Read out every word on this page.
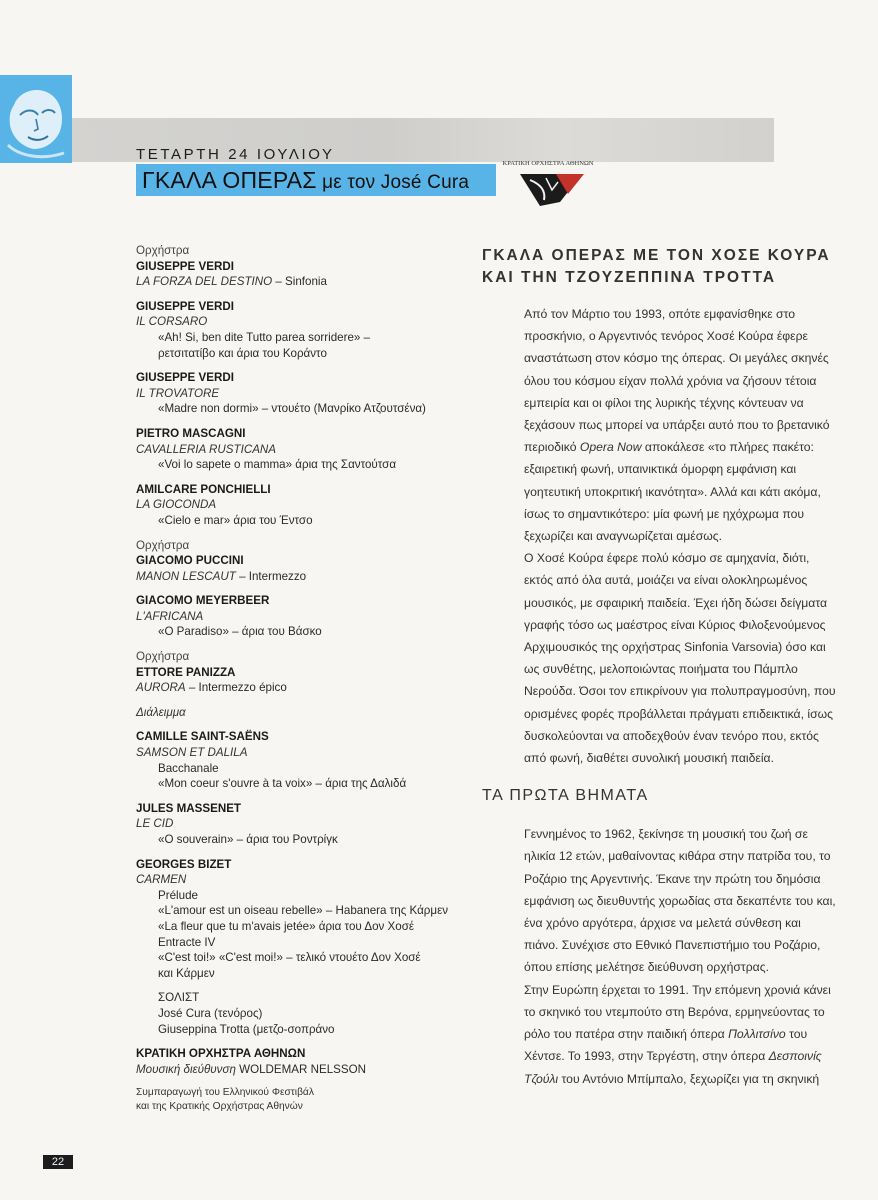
ΤΕΤΑΡΤΗ 24 ΙΟΥΛΙΟΥ
ΓΚΑΛΑ ΟΠΕΡΑΣ με τον José Cura
ΚΡΑΤΙΚΗ ΟΡΧΗΣΤΡΑ ΑΘΗΝΩΝ
Ορχήστρα
GIUSEPPE VERDI
LA FORZA DEL DESTINO – Sinfonia
GIUSEPPE VERDI
IL CORSARO
«Ah! Si, ben dite Tutto parea sorridere» –
ρετσιτατίβο και άρια του Κοράντο
GIUSEPPE VERDI
IL TROVATORE
«Madre non dormi» – ντουέτο (Μανρίκο Ατζουτσένα)
PIETRO MASCAGNI
CAVALLERIA RUSTICANA
«Voi lo sapete o mamma» άρια της Σαντούτσα
AMILCARE PONCHIELLI
LA GIOCONDA
«Cielo e mar» άρια του Έντσο
Ορχήστρα
GIACOMO PUCCINI
MANON LESCAUT – Intermezzo
GIACOMO MEYERBEER
L'AFRICANA
«O Paradiso» – άρια του Βάσκο
Ορχήστρα
ETTORE PANIZZA
AURORA – Intermezzo épico
Διάλειμμα
CAMILLE SAINT-SAËNS
SAMSON ET DALILA
Bacchanale
«Mon coeur s'ouvre à ta voix» – άρια της Δαλιδά
JULES MASSENET
LE CID
«O souverain» – άρια του Ροντρίγκ
GEORGES BIZET
CARMEN
Prélude
«L'amour est un oiseau rebelle» – Habanera της Κάρμεν
«La fleur que tu m'avais jetée» άρια του Δον Χοσέ
Entracte IV
«C'est toi!» «C'est moi!» – τελικό ντουέτο Δον Χοσέ
και Κάρμεν
ΣΟΛΙΣΤ
José Cura (τενόρος)
Giuseppina Trotta (μετζο-σοπράνο
ΚΡΑΤΙΚΗ ΟΡΧΗΣΤΡΑ ΑΘΗΝΩΝ
Μουσική διεύθυνση WOLDEMAR NELSSON
Συμπαραγωγή του Ελληνικού Φεστιβάλ
και της Κρατικής Ορχήστρας Αθηνών
ΓΚΑΛΑ ΟΠΕΡΑΣ ΜΕ ΤΟΝ ΧΟΣΕ ΚΟΥΡΑ
ΚΑΙ ΤΗΝ ΤΖΟΥΖΕΠΠΙΝΑ ΤΡΟΤΤΑ
Από τον Μάρτιο του 1993, οπότε εμφανίσθηκε στο προσκήνιο, ο Αργεντινός τενόρος Χοσέ Κούρα έφερε αναστάτωση στον κόσμο της όπερας. Οι μεγάλες σκηνές όλου του κόσμου είχαν πολλά χρόνια να ζήσουν τέτοια εμπειρία και οι φίλοι της λυρικής τέχνης κόντευαν να ξεχάσουν πως μπορεί να υπάρξει αυτό που το βρετανικό περιοδικό Opera Now αποκάλεσε «το πλήρες πακέτο: εξαιρετική φωνή, υπαινικτικά όμορφη εμφάνιση και γοητευτική υποκριτική ικανότητα». Αλλά και κάτι ακόμα, ίσως το σημαντικότερο: μία φωνή με ηχόχρωμα που ξεχωρίζει και αναγνωρίζεται αμέσως.
Ο Χοσέ Κούρα έφερε πολύ κόσμο σε αμηχανία, διότι, εκτός από όλα αυτά, μοιάζει να είναι ολοκληρωμένος μουσικός, με σφαιρική παιδεία. Έχει ήδη δώσει δείγματα γραφής τόσο ως μαέστρος είναι Κύριος Φιλοξενούμενος Αρχιμουσικός της ορχήστρας Sinfonia Varsovia) όσο και ως συνθέτης, μελοποιώντας ποιήματα του Πάμπλο Νερούδα. Όσοι τον επικρίνουν για πολυπραγμοσύνη, που ορισμένες φορές προβάλλεται πράγματι επιδεικτικά, ίσως δυσκολεύονται να αποδεχθούν έναν τενόρο που, εκτός από φωνή, διαθέτει συνολική μουσική παιδεία.
ΤΑ ΠΡΩΤΑ ΒΗΜΑΤΑ
Γεννημένος το 1962, ξεκίνησε τη μουσική του ζωή σε ηλικία 12 ετών, μαθαίνοντας κιθάρα στην πατρίδα του, το Ροζάριο της Αργεντινής. Έκανε την πρώτη του δημόσια εμφάνιση ως διευθυντής χορωδίας στα δεκαπέντε του και, ένα χρόνο αργότερα, άρχισε να μελετά σύνθεση και πιάνο. Συνέχισε στο Εθνικό Πανεπιστήμιο του Ροζάριο, όπου επίσης μελέτησε διεύθυνση ορχήστρας.
Στην Ευρώπη έρχεται το 1991. Την επόμενη χρονιά κάνει το σκηνικό του ντεμπούτο στη Βερόνα, ερμηνεύοντας το ρόλο του πατέρα στην παιδική όπερα Πολλιτσίνο του Χέντσε. Το 1993, στην Τεργέστη, στην όπερα Δεσποινίς Τζούλι του Αντόνιο Μπίμπαλο, ξεχωρίζει για τη σκηνική
22
